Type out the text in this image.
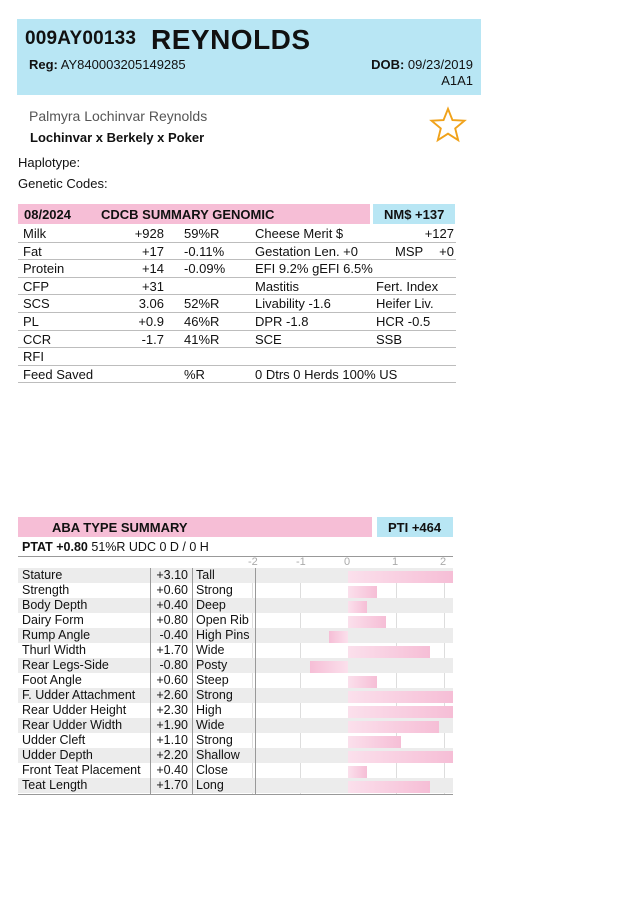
009AY00133 REYNOLDS
Reg: AY840003205149285	DOB: 09/23/2019
A1A1
Palmyra Lochinvar Reynolds
Lochinvar x Berkely x Poker
Haplotype:
Genetic Codes:
08/2024 CDCB SUMMARY GENOMIC	NM$ +137
Milk	+928 59%R	Cheese Merit $	+127
Fat	+17 -0.11% Gestation Len. +0	MSP +0
Protein	+14 -0.09% EFI 9.2% gEFI 6.5%
CFP	+31	Mastitis	Fert. Index
SCS	3.06 52%R	Livability -1.6	Heifer Liv.
PL	+0.9 46%R	DPR -1.8	HCR -0.5
CCR	-1.7 41%R	SCE	SSB
RFI
Feed Saved	%R	0 Dtrs 0 Herds 100% US
ABA TYPE SUMMARY	PTI +464
PTAT +0.80 51%R UDC 0 D / 0 H
-2	-1	0	1	2
Stature	+3.10 Tall
Strength	+0.60 Strong
Body Depth	+0.40 Deep
Dairy Form	+0.80 Open Rib
Rump Angle	-0.40 High Pins
Thurl Width	+1.70 Wide
Rear Legs-Side	-0.80 Posty
Foot Angle	+0.60 Steep
F. Udder Attachment	+2.60 Strong
Rear Udder Height	+2.30 High
Rear Udder Width	+1.90 Wide
Udder Cleft	+1.10 Strong
Udder Depth	+2.20 Shallow
Front Teat Placement	+0.40 Close
Teat Length	+1.70 Long
